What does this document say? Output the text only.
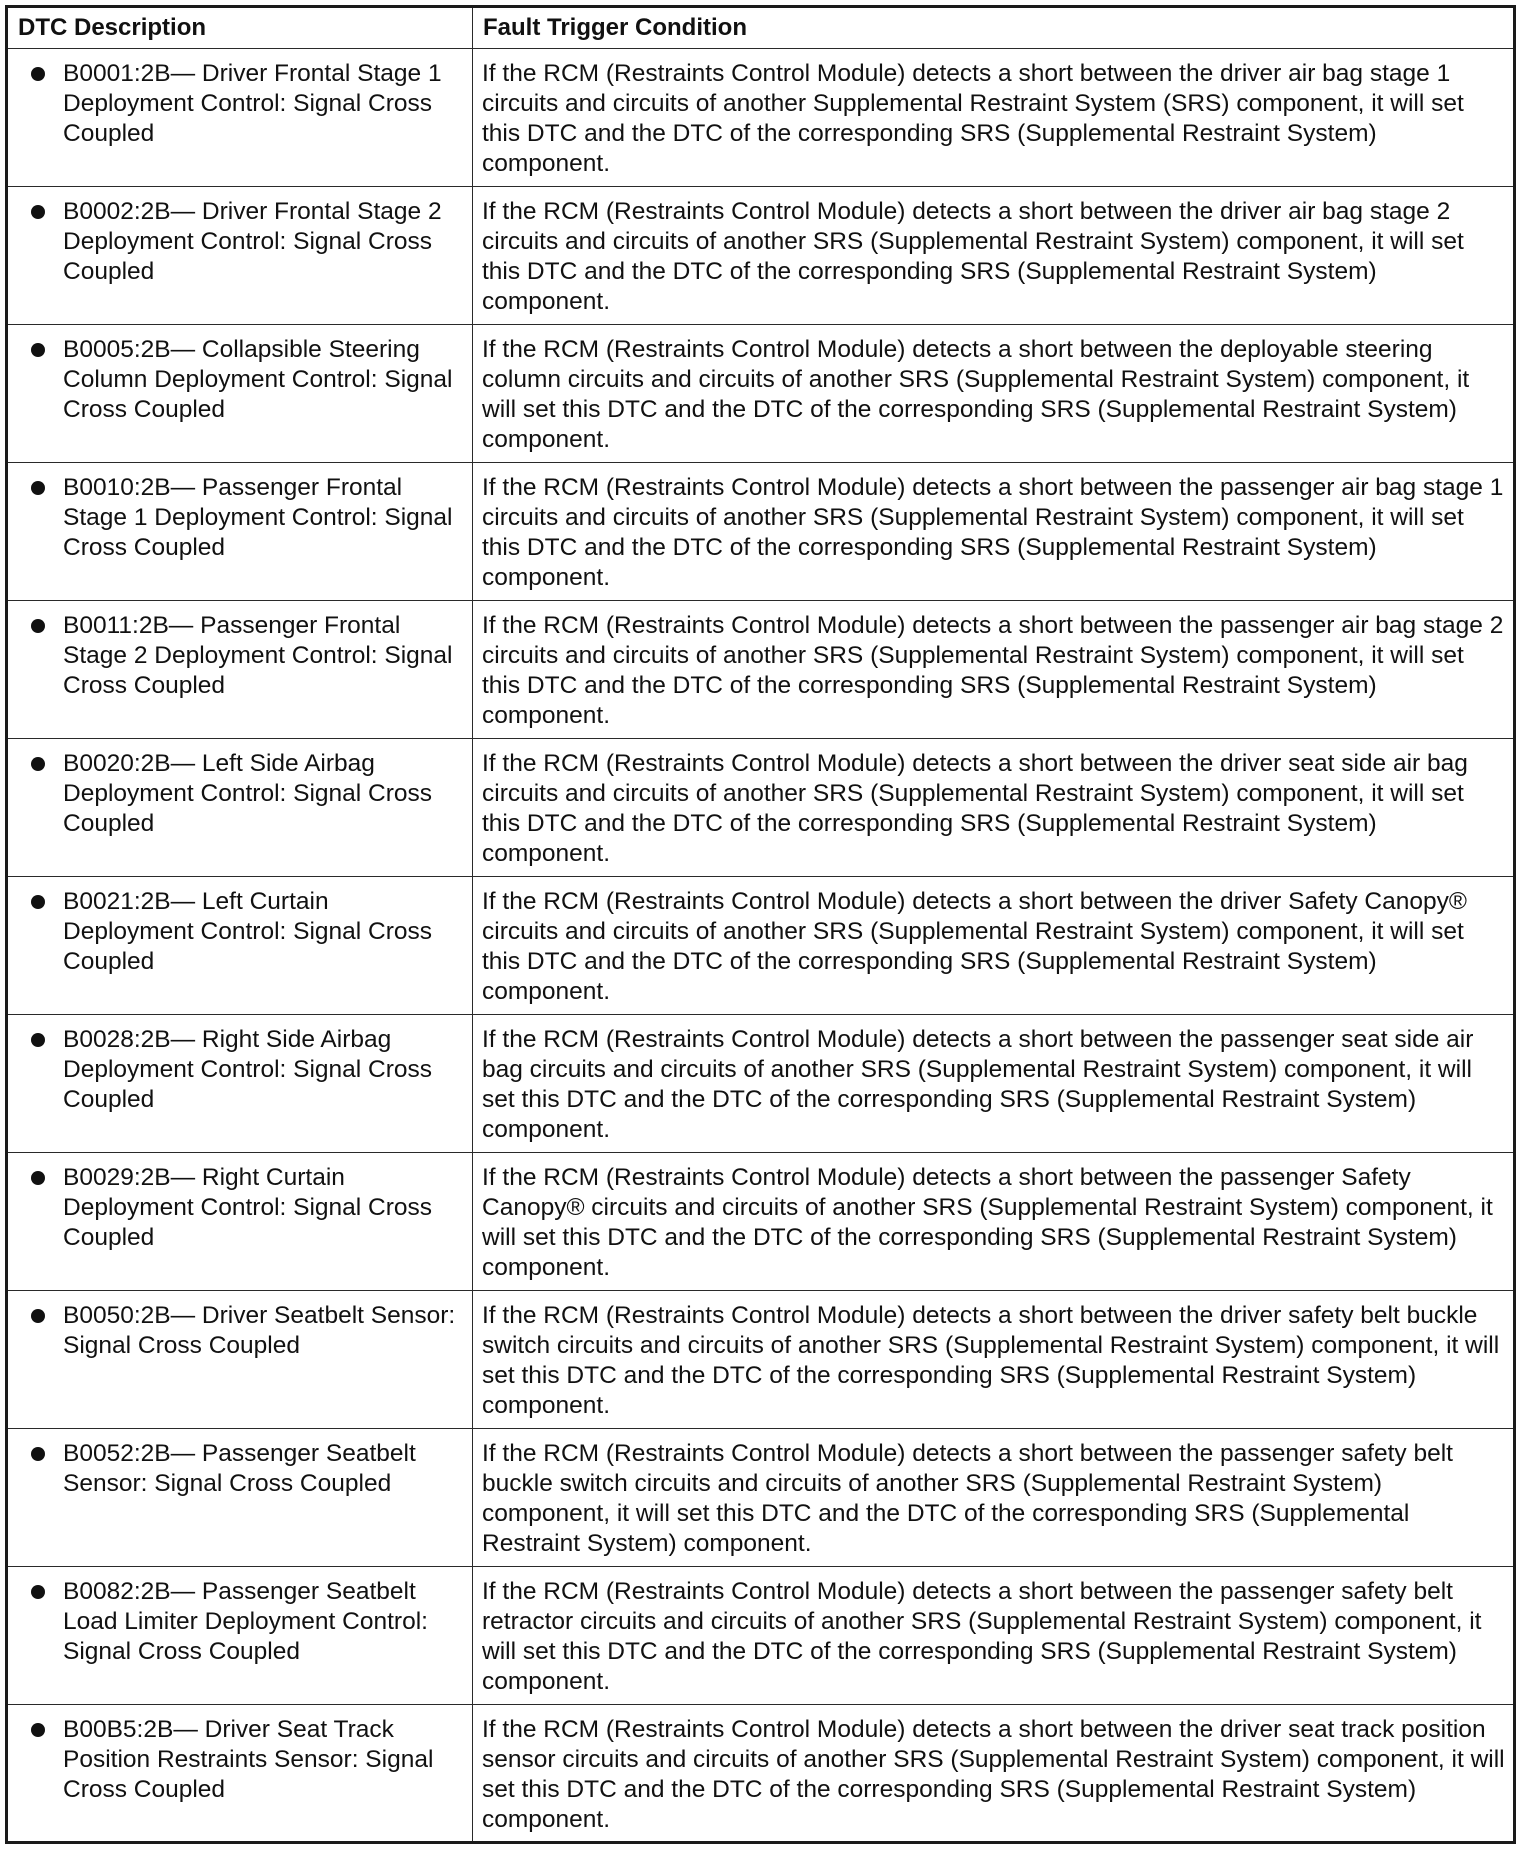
DTC Description	Fault Trigger Condition

B0001:2B— Driver Frontal Stage 1 Deployment Control: Signal Cross Coupled	If the RCM (Restraints Control Module) detects a short between the driver air bag stage 1 circuits and circuits of another Supplemental Restraint System (SRS) component, it will set this DTC and the DTC of the corresponding SRS (Supplemental Restraint System) component.

B0002:2B— Driver Frontal Stage 2 Deployment Control: Signal Cross Coupled	If the RCM (Restraints Control Module) detects a short between the driver air bag stage 2 circuits and circuits of another SRS (Supplemental Restraint System) component, it will set this DTC and the DTC of the corresponding SRS (Supplemental Restraint System) component.

B0005:2B— Collapsible Steering Column Deployment Control: Signal Cross Coupled	If the RCM (Restraints Control Module) detects a short between the deployable steering column circuits and circuits of another SRS (Supplemental Restraint System) component, it will set this DTC and the DTC of the corresponding SRS (Supplemental Restraint System) component.

B0010:2B— Passenger Frontal Stage 1 Deployment Control: Signal Cross Coupled	If the RCM (Restraints Control Module) detects a short between the passenger air bag stage 1 circuits and circuits of another SRS (Supplemental Restraint System) component, it will set this DTC and the DTC of the corresponding SRS (Supplemental Restraint System) component.

B0011:2B— Passenger Frontal Stage 2 Deployment Control: Signal Cross Coupled	If the RCM (Restraints Control Module) detects a short between the passenger air bag stage 2 circuits and circuits of another SRS (Supplemental Restraint System) component, it will set this DTC and the DTC of the corresponding SRS (Supplemental Restraint System) component.

B0020:2B— Left Side Airbag Deployment Control: Signal Cross Coupled	If the RCM (Restraints Control Module) detects a short between the driver seat side air bag circuits and circuits of another SRS (Supplemental Restraint System) component, it will set this DTC and the DTC of the corresponding SRS (Supplemental Restraint System) component.

B0021:2B— Left Curtain Deployment Control: Signal Cross Coupled	If the RCM (Restraints Control Module) detects a short between the driver Safety Canopy® circuits and circuits of another SRS (Supplemental Restraint System) component, it will set this DTC and the DTC of the corresponding SRS (Supplemental Restraint System) component.

B0028:2B— Right Side Airbag Deployment Control: Signal Cross Coupled	If the RCM (Restraints Control Module) detects a short between the passenger seat side air bag circuits and circuits of another SRS (Supplemental Restraint System) component, it will set this DTC and the DTC of the corresponding SRS (Supplemental Restraint System) component.

B0029:2B— Right Curtain Deployment Control: Signal Cross Coupled	If the RCM (Restraints Control Module) detects a short between the passenger Safety Canopy® circuits and circuits of another SRS (Supplemental Restraint System) component, it will set this DTC and the DTC of the corresponding SRS (Supplemental Restraint System) component.

B0050:2B— Driver Seatbelt Sensor: Signal Cross Coupled	If the RCM (Restraints Control Module) detects a short between the driver safety belt buckle switch circuits and circuits of another SRS (Supplemental Restraint System) component, it will set this DTC and the DTC of the corresponding SRS (Supplemental Restraint System) component.

B0052:2B— Passenger Seatbelt Sensor: Signal Cross Coupled	If the RCM (Restraints Control Module) detects a short between the passenger safety belt buckle switch circuits and circuits of another SRS (Supplemental Restraint System) component, it will set this DTC and the DTC of the corresponding SRS (Supplemental Restraint System) component.

B0082:2B— Passenger Seatbelt Load Limiter Deployment Control: Signal Cross Coupled	If the RCM (Restraints Control Module) detects a short between the passenger safety belt retractor circuits and circuits of another SRS (Supplemental Restraint System) component, it will set this DTC and the DTC of the corresponding SRS (Supplemental Restraint System) component.

B00B5:2B— Driver Seat Track Position Restraints Sensor: Signal Cross Coupled	If the RCM (Restraints Control Module) detects a short between the driver seat track position sensor circuits and circuits of another SRS (Supplemental Restraint System) component, it will set this DTC and the DTC of the corresponding SRS (Supplemental Restraint System) component.
